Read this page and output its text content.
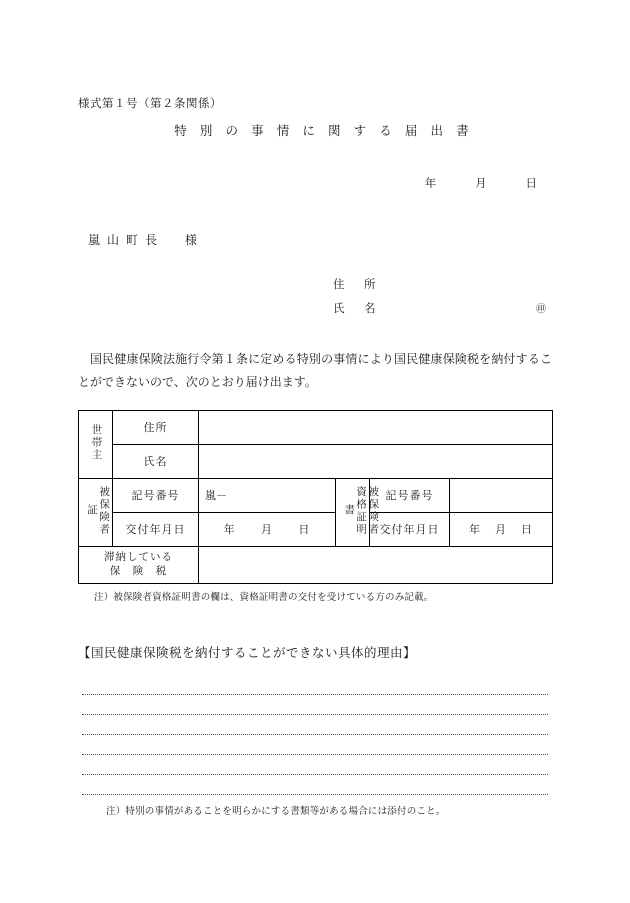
様式第１号（第２条関係）
特 別 の 事 情 に 関 す る 届 出 書
年	月	日
嵐 山 町 長 様
住　所
氏　名	㊞

国民健康保険法施行令第１条に定める特別の事情により国民健康保険税を納付することができないので、次のとおり届け出ます。

世帯主	住所				
	氏名				
被保険者証	記号番号	嵐－	被保険者資格証明書	記号番号	
	交付年月日	年 月 日		交付年月日	年 月 日

滞納している
保　険　税					

注）被保険者資格証明書の欄は、資格証明書の交付を受けている方のみ記載。
【国民健康保険税を納付することができない具体的理由】
注）特別の事情があることを明らかにする書類等がある場合には添付のこと。
